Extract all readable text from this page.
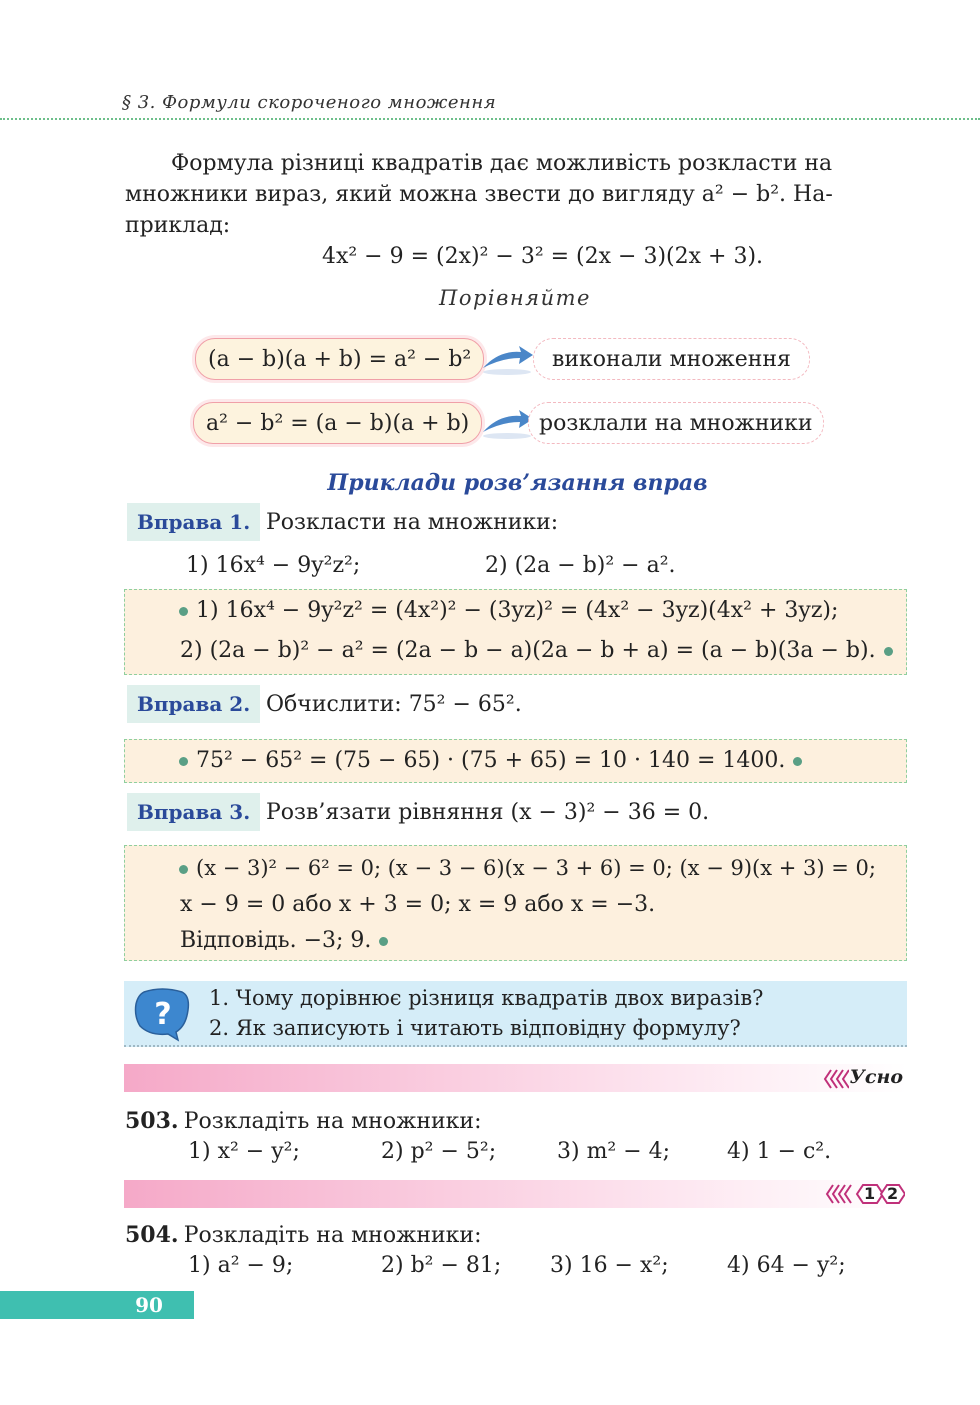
§ 3. Формули скороченого множення
Формула різниці квадратів дає можливість розкласти на
множники вираз, який можна звести до вигляду a² − b². На-
приклад:
4x² − 9 = (2x)² − 3² = (2x − 3)(2x + 3).
Порівняйте
(a − b)(a + b) = a² − b²	виконали множення
a² − b² = (a − b)(a + b)	розклали на множники
Приклади розв’язання вправ
Вправа 1. Розкласти на множники:
1) 16x⁴ − 9y²z²;	2) (2a − b)² − a².
1) 16x⁴ − 9y²z² = (4x²)² − (3yz)² = (4x² − 3yz)(4x² + 3yz);
2) (2a − b)² − a² = (2a − b − a)(2a − b + a) = (a − b)(3a − b).
Вправа 2. Обчислити: 75² − 65².
75² − 65² = (75 − 65) · (75 + 65) = 10 · 140 = 1400.
Вправа 3. Розв’язати рівняння (x − 3)² − 36 = 0.
(x − 3)² − 6² = 0; (x − 3 − 6)(x − 3 + 6) = 0; (x − 9)(x + 3) = 0;
x − 9 = 0 або x + 3 = 0; x = 9 або x = −3.
Відповідь. −3; 9.
? 1. Чому дорівнює різниця квадратів двох виразів?
2. Як записують і читають відповідну формулу?
Усно
503. Розкладіть на множники:
1) x² − y²;	2) p² − 5²;	3) m² − 4;	4) 1 − c².
1 2
504. Розкладіть на множники:
1) a² − 9;	2) b² − 81; 3) 16 − x²;	4) 64 − y²;
90
